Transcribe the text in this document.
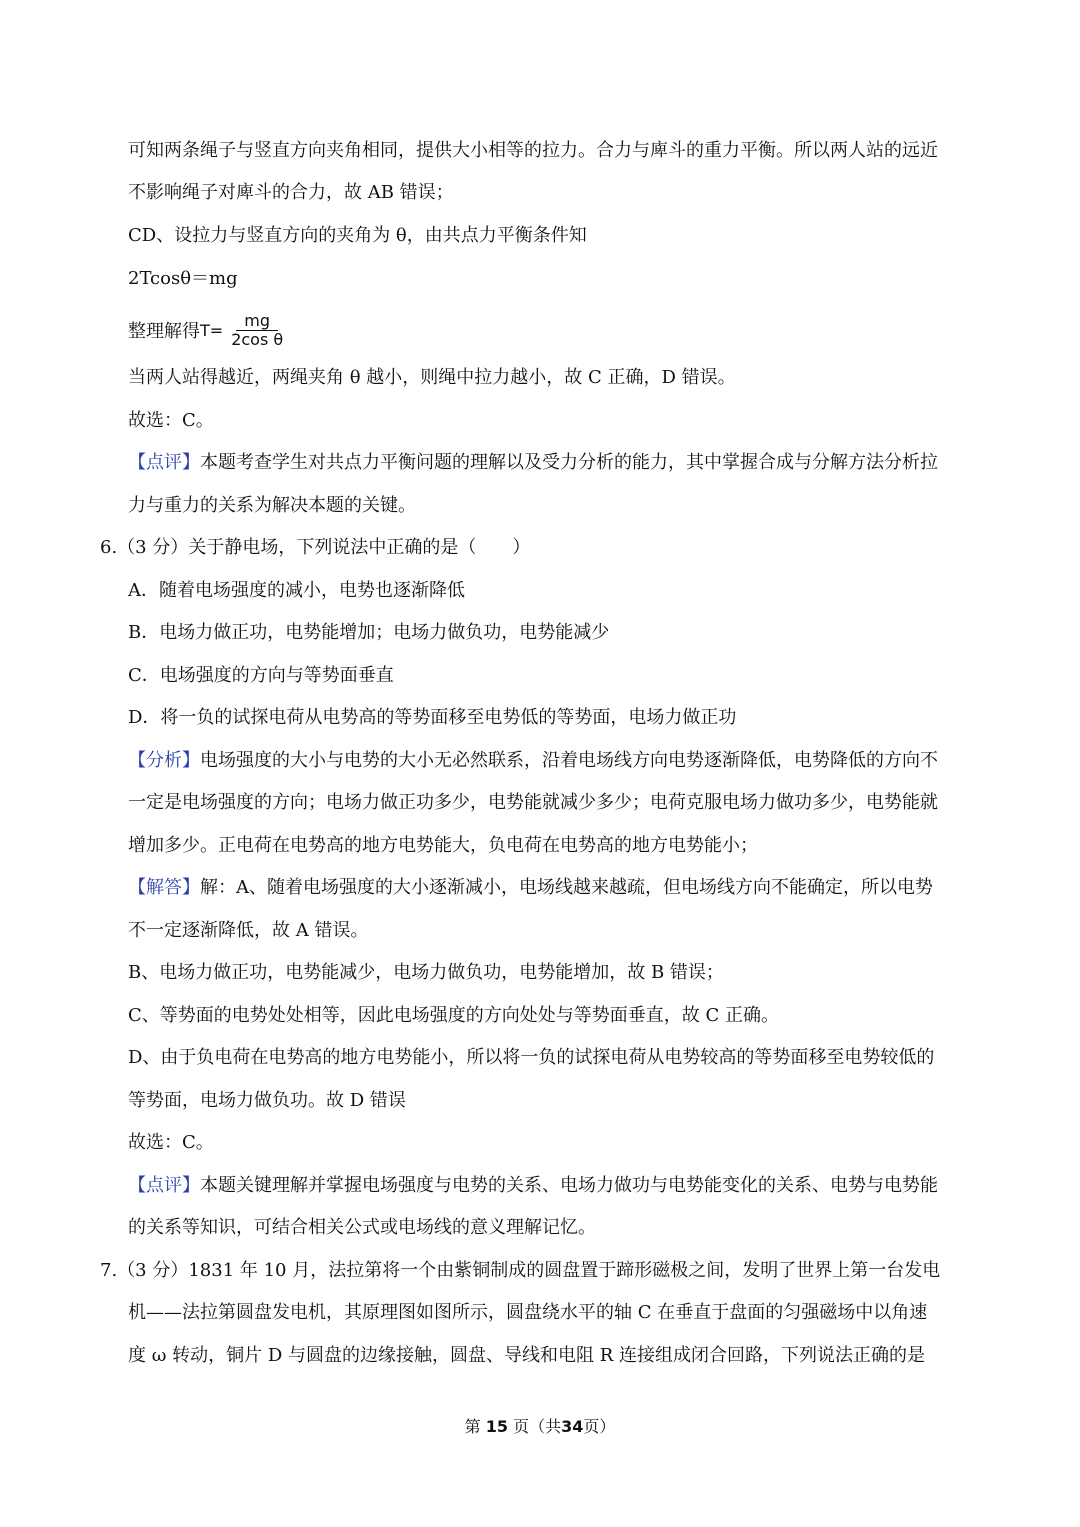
可知两条绳子与竖直方向夹角相同，提供大小相等的拉力。合力与庳斗的重力平衡。所以两人站的远近
不影响绳子对庳斗的合力，故 AB 错误；
CD、设拉力与竖直方向的夹角为 θ，由共点力平衡条件知
2Tcosθ＝mg
整理解得 $T= \frac{mg}{\text{2cos θ}}$
当两人站得越近，两绳夹角 θ 越小，则绳中拉力越小，故 C 正确，D 错误。
故选：C。
【点评】本题考查学生对共点力平衡问题的理解以及受力分析的能力，其中掌握合成与分解方法分析拉
力与重力的关系为解决本题的关键。
6.（3 分）关于静电场，下列说法中正确的是（　　）
A．随着电场强度的减小，电势也逐渐降低
B．电场力做正功，电势能增加；电场力做负功，电势能减少
C．电场强度的方向与等势面垂直
D．将一负的试探电荷从电势高的等势面移至电势低的等势面，电场力做正功
【分析】电场强度的大小与电势的大小无必然联系，沿着电场线方向电势逐渐降低，电势降低的方向不
一定是电场强度的方向；电场力做正功多少，电势能就减少多少；电荷克服电场力做功多少，电势能就
增加多少。正电荷在电势高的地方电势能大，负电荷在电势高的地方电势能小；
【解答】解：A、随着电场强度的大小逐渐减小，电场线越来越疏，但电场线方向不能确定，所以电势
不一定逐渐降低，故 A 错误。
B、电场力做正功，电势能减少，电场力做负功，电势能增加，故 B 错误；
C、等势面的电势处处相等，因此电场强度的方向处处与等势面垂直，故 C 正确。
D、由于负电荷在电势高的地方电势能小，所以将一负的试探电荷从电势较高的等势面移至电势较低的
等势面，电场力做负功。故 D 错误
故选：C。
【点评】本题关键理解并掌握电场强度与电势的关系、电场力做功与电势能变化的关系、电势与电势能
的关系等知识，可结合相关公式或电场线的意义理解记忆。
7.（3 分）1831 年 10 月，法拉第将一个由紫铜制成的圆盘置于蹄形磁极之间，发明了世界上第一台发电
机——法拉第圆盘发电机，其原理图如图所示，圆盘绕水平的轴 C 在垂直于盘面的匀强磁场中以角速
度 ω 转动，铜片 D 与圆盘的边缘接触，圆盘、导线和电阻 R 连接组成闭合回路，下列说法正确的是
第 15 页（共34页）
